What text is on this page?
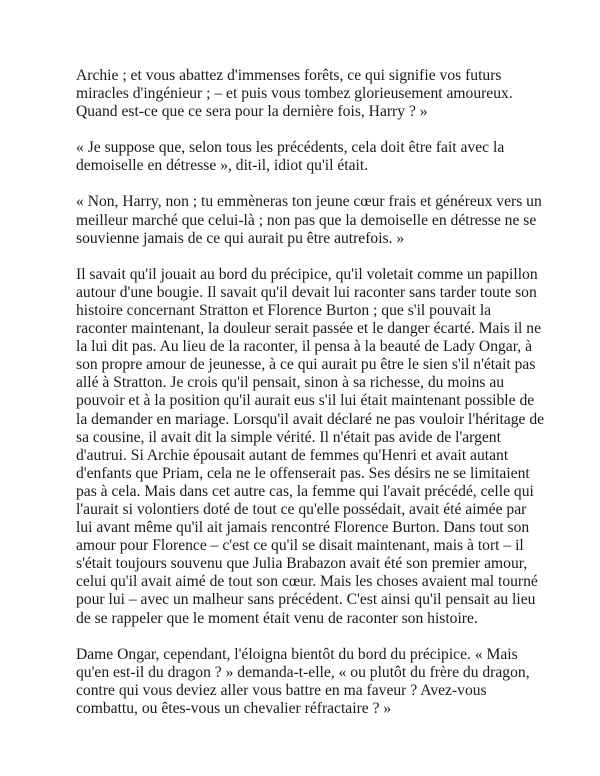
Archie ; et vous abattez d'immenses forêts, ce qui signifie vos futurs miracles d'ingénieur ; – et puis vous tombez glorieusement amoureux. Quand est-ce que ce sera pour la dernière fois, Harry ? »

« Je suppose que, selon tous les précédents, cela doit être fait avec la demoiselle en détresse », dit-il, idiot qu'il était.

« Non, Harry, non ; tu emmèneras ton jeune cœur frais et généreux vers un meilleur marché que celui-là ; non pas que la demoiselle en détresse ne se souvienne jamais de ce qui aurait pu être autrefois. »

Il savait qu'il jouait au bord du précipice, qu'il voletait comme un papillon autour d'une bougie. Il savait qu'il devait lui raconter sans tarder toute son histoire concernant Stratton et Florence Burton ; que s'il pouvait la raconter maintenant, la douleur serait passée et le danger écarté. Mais il ne la lui dit pas. Au lieu de la raconter, il pensa à la beauté de Lady Ongar, à son propre amour de jeunesse, à ce qui aurait pu être le sien s'il n'était pas allé à Stratton. Je crois qu'il pensait, sinon à sa richesse, du moins au pouvoir et à la position qu'il aurait eus s'il lui était maintenant possible de la demander en mariage. Lorsqu'il avait déclaré ne pas vouloir l'héritage de sa cousine, il avait dit la simple vérité. Il n'était pas avide de l'argent d'autrui. Si Archie épousait autant de femmes qu'Henri et avait autant d'enfants que Priam, cela ne le offenserait pas. Ses désirs ne se limitaient pas à cela. Mais dans cet autre cas, la femme qui l'avait précédé, celle qui l'aurait si volontiers doté de tout ce qu'elle possédait, avait été aimée par lui avant même qu'il ait jamais rencontré Florence Burton. Dans tout son amour pour Florence – c'est ce qu'il se disait maintenant, mais à tort – il s'était toujours souvenu que Julia Brabazon avait été son premier amour, celui qu'il avait aimé de tout son cœur. Mais les choses avaient mal tourné pour lui – avec un malheur sans précédent. C'est ainsi qu'il pensait au lieu de se rappeler que le moment était venu de raconter son histoire.

Dame Ongar, cependant, l'éloigna bientôt du bord du précipice. « Mais qu'en est-il du dragon ? » demanda-t-elle, « ou plutôt du frère du dragon, contre qui vous deviez aller vous battre en ma faveur ? Avez-vous combattu, ou êtes-vous un chevalier réfractaire ? »
